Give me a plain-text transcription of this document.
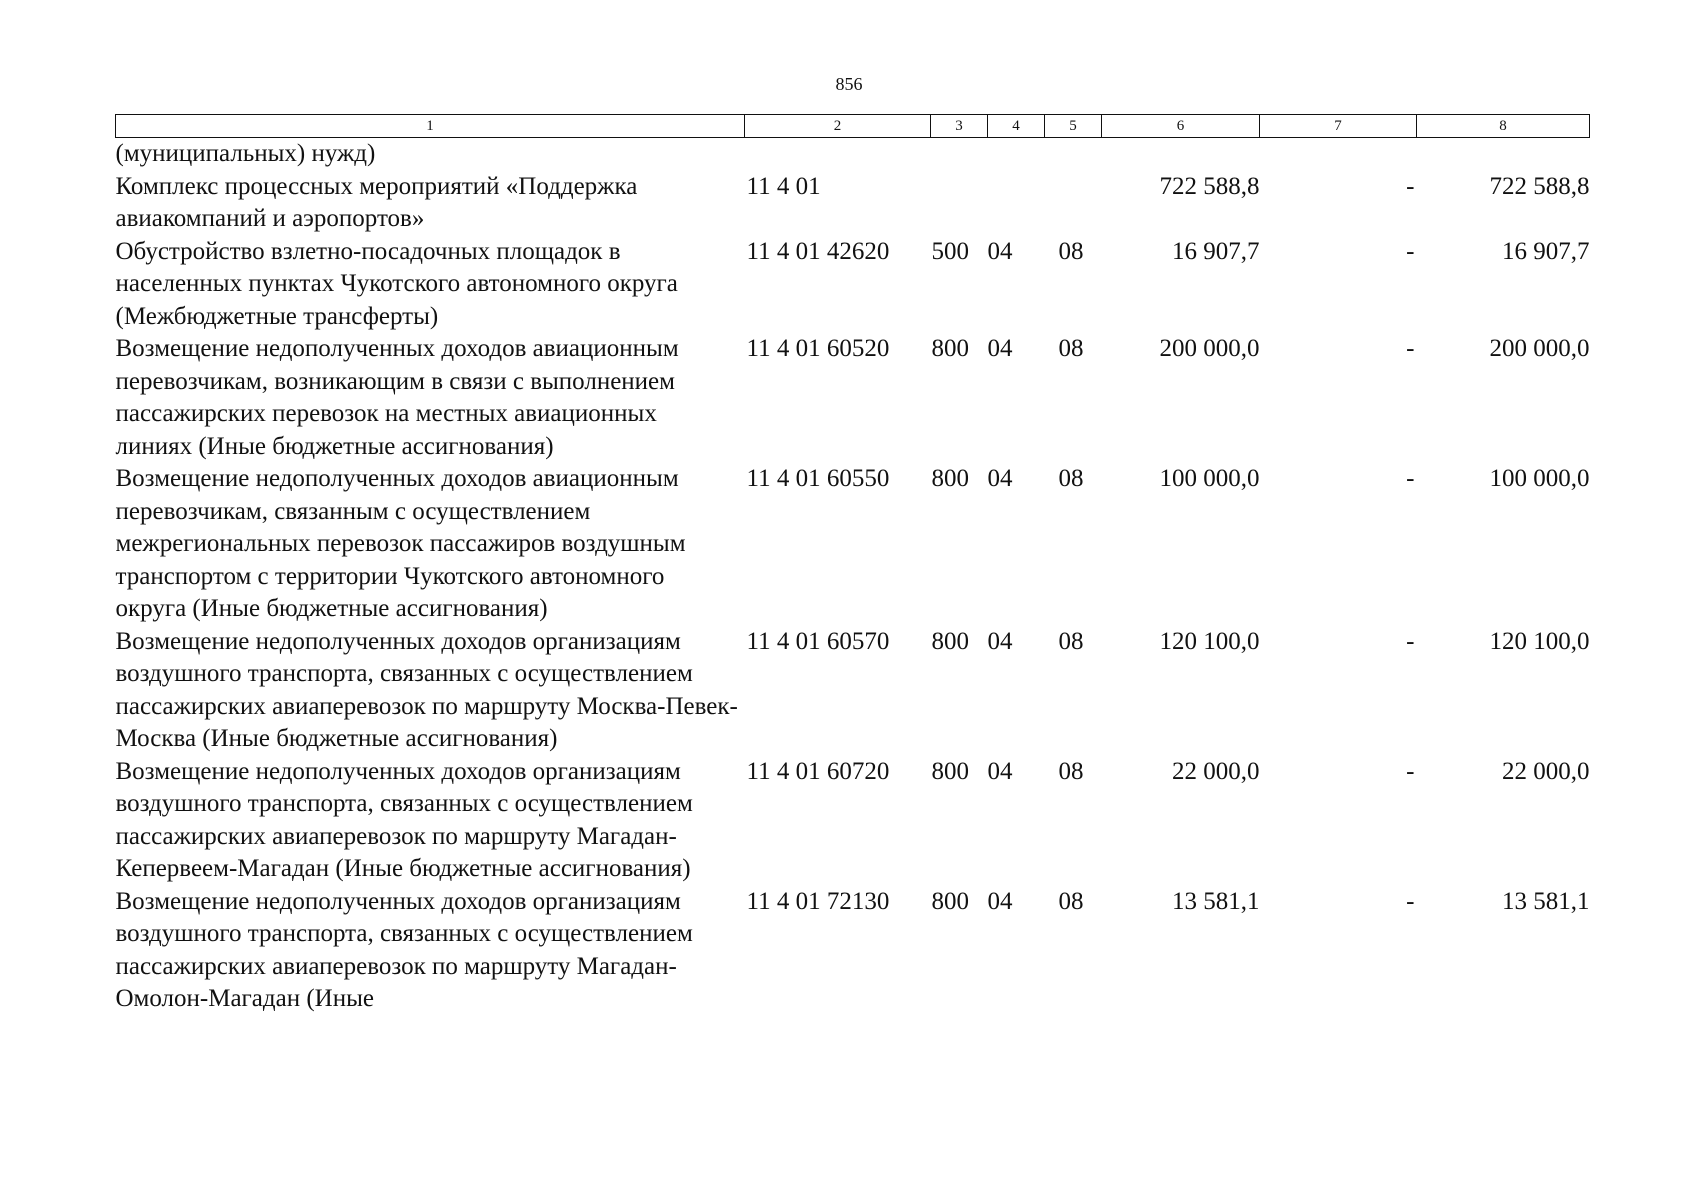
856
1	2	3	4	5	6	7	8
(муниципальных) нужд)							
Комплекс процессных мероприятий «Поддержка авиакомпаний и аэропортов»	11 4 01				722 588,8	-	722 588,8
Обустройство взлетно-посадочных площадок в населенных пунктах Чукотского автономного округа (Межбюджетные трансферты)	11 4 01 42620	500	04	08	16 907,7	-	16 907,7
Возмещение недополученных доходов авиационным перевозчикам, возникающим в связи с выполнением пассажирских перевозок на местных авиационных линиях (Иные бюджетные ассигнования)	11 4 01 60520	800	04	08	200 000,0	-	200 000,0
Возмещение недополученных доходов авиационным перевозчикам, связанным с осуществлением межрегиональных перевозок пассажиров воздушным транспортом с территории Чукотского автономного округа (Иные бюджетные ассигнования)	11 4 01 60550	800	04	08	100 000,0	-	100 000,0
Возмещение недополученных доходов организациям воздушного транспорта, связанных с осуществлением пассажирских авиаперевозок по маршруту Москва-Певек-Москва (Иные бюджетные ассигнования)	11 4 01 60570	800	04	08	120 100,0	-	120 100,0
Возмещение недополученных доходов организациям воздушного транспорта, связанных с осуществлением пассажирских авиаперевозок по маршруту Магадан-Кепервеем-Магадан (Иные бюджетные ассигнования)	11 4 01 60720	800	04	08	22 000,0	-	22 000,0
Возмещение недополученных доходов организациям воздушного транспорта, связанных с осуществлением пассажирских авиаперевозок по маршруту Магадан-Омолон-Магадан (Иные	11 4 01 72130	800	04	08	13 581,1	-	13 581,1
